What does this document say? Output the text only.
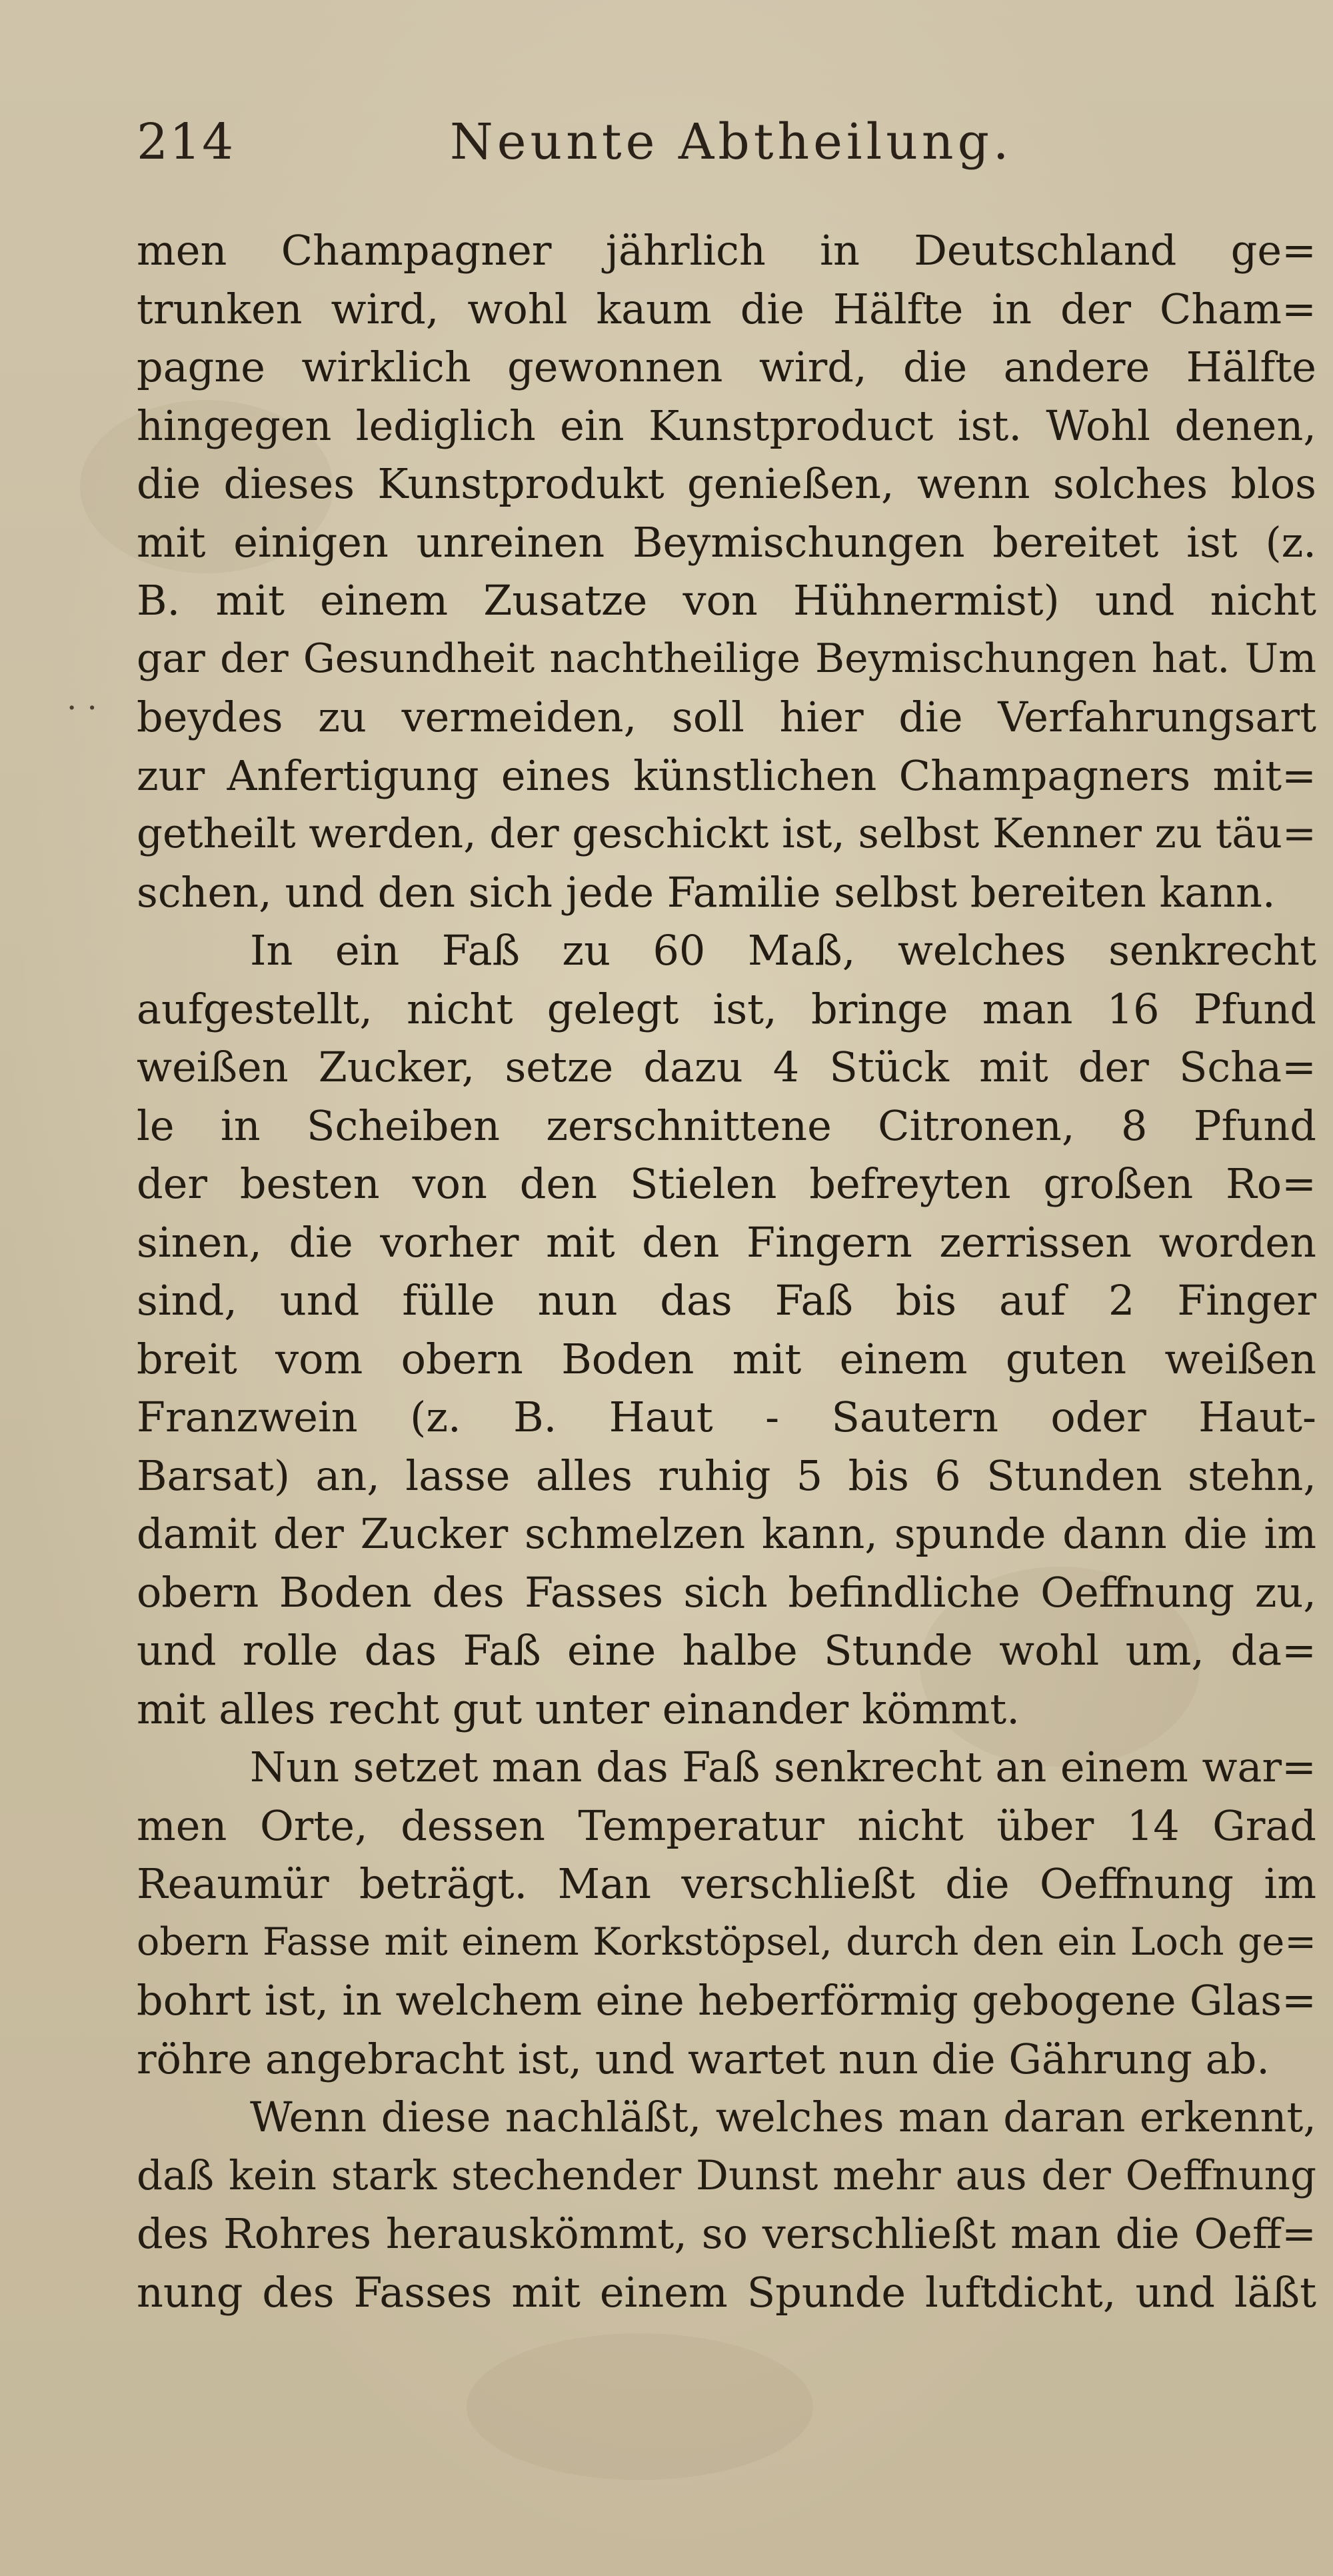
214	Neunte Abtheilung.
. .
men Champagner jährlich in Deutschland ge=
trunken wird, wohl kaum die Hälfte in der Cham=
pagne wirklich gewonnen wird, die andere Hälfte
hingegen lediglich ein Kunstproduct ist. Wohl denen,
die dieses Kunstprodukt genießen, wenn solches blos
mit einigen unreinen Beymischungen bereitet ist (z.
B. mit einem Zusatze von Hühnermist) und nicht
gar der Gesundheit nachtheilige Beymischungen hat. Um
beydes zu vermeiden, soll hier die Verfahrungsart
zur Anfertigung eines künstlichen Champagners mit=
getheilt werden, der geschickt ist, selbst Kenner zu täu=
schen, und den sich jede Familie selbst bereiten kann.
In ein Faß zu 60 Maß, welches senkrecht
aufgestellt, nicht gelegt ist, bringe man 16 Pfund
weißen Zucker, setze dazu 4 Stück mit der Scha=
le in Scheiben zerschnittene Citronen, 8 Pfund
der besten von den Stielen befreyten großen Ro=
sinen, die vorher mit den Fingern zerrissen worden
sind, und fülle nun das Faß bis auf 2 Finger
breit vom obern Boden mit einem guten weißen
Franzwein (z. B. Haut - Sautern oder Haut-
Barsat) an, lasse alles ruhig 5 bis 6 Stunden stehn,
damit der Zucker schmelzen kann, spunde dann die im
obern Boden des Fasses sich befindliche Oeffnung zu,
und rolle das Faß eine halbe Stunde wohl um, da=
mit alles recht gut unter einander kömmt.
Nun setzet man das Faß senkrecht an einem war=
men Orte, dessen Temperatur nicht über 14 Grad
Reaumür beträgt. Man verschließt die Oeffnung im
obern Fasse mit einem Korkstöpsel, durch den ein Loch ge=
bohrt ist, in welchem eine heberförmig gebogene Glas=
röhre angebracht ist, und wartet nun die Gährung ab.
Wenn diese nachläßt, welches man daran erkennt,
daß kein stark stechender Dunst mehr aus der Oeffnung
des Rohres herauskömmt, so verschließt man die Oeff=
nung des Fasses mit einem Spunde luftdicht, und läßt
